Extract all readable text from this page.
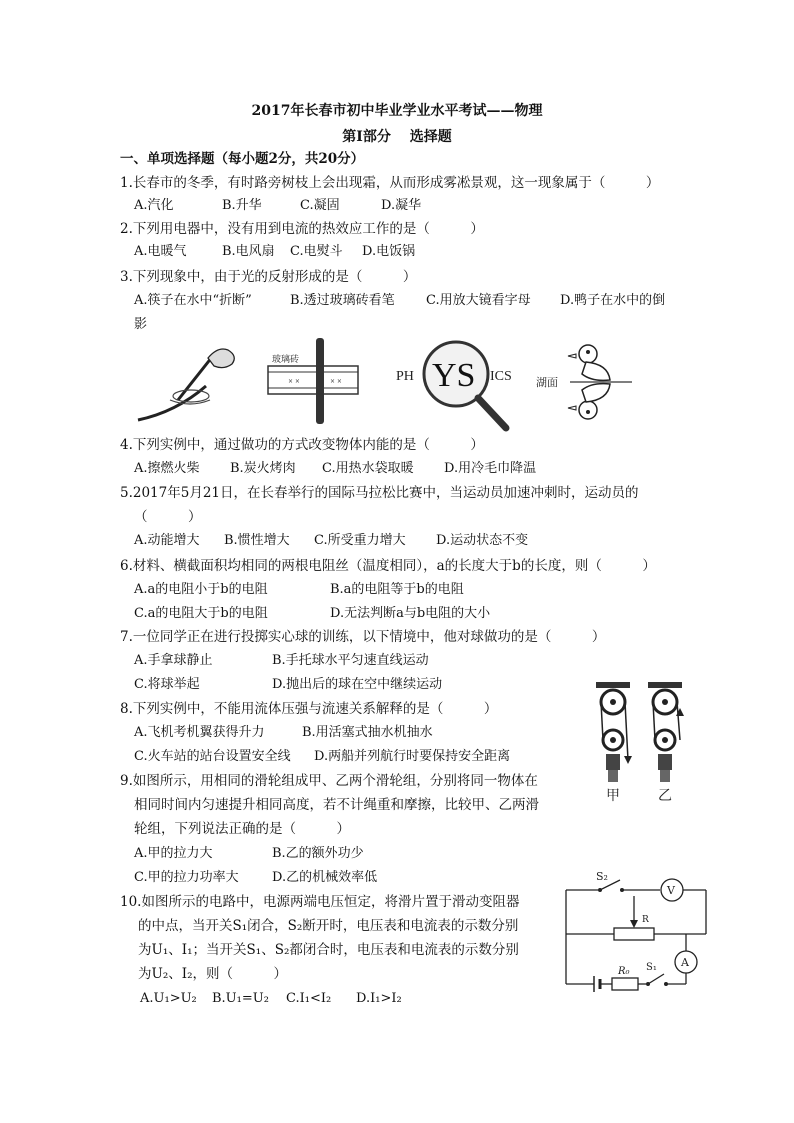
2017年长春市初中毕业学业水平考试——物理
第Ⅰ部分　 选择题
一、单项选择题（每小题2分，共20分）
1.长春市的冬季，有时路旁树枝上会出现霜，从而形成雾凇景观，这一现象属于（　　　）
A.汽化	B.升华	C.凝固	D.凝华
2.下列用电器中，没有用到电流的热效应工作的是（　　　）
A.电暖气	B.电风扇 C.电熨斗 D.电饭锅
3.下列现象中，由于光的反射形成的是（　　　）
A.筷子在水中“折断”	B.透过玻璃砖看笔 C.用放大镜看字母 D.鸭子在水中的倒
影
× ×	× ×
玻璃砖
PH YS ICS 湖面
4.下列实例中，通过做功的方式改变物体内能的是（　　　）
A.擦燃火柴 B.炭火烤肉 C.用热水袋取暖 D.用冷毛巾降温
5.2017年5月21日，在长春举行的国际马拉松比赛中，当运动员加速冲刺时，运动员的
（　　　）
A.动能增大 B.惯性增大 C.所受重力增大 D.运动状态不变
6.材料、横截面积均相同的两根电阻丝（温度相同），a的长度大于b的长度，则（　　　）
A.a的电阻小于b的电阻	B.a的电阻等于b的电阻
C.a的电阻大于b的电阻	D.无法判断a与b电阻的大小
7.一位同学正在进行投掷实心球的训练，以下情境中，他对球做功的是（　　　）
A.手拿球静止	B.手托球水平匀速直线运动
C.将球举起	D.抛出后的球在空中继续运动
甲	乙
8.下列实例中，不能用流体压强与流速关系解释的是（　　　）
A.飞机考机翼获得升力	B.用活塞式抽水机抽水
C.火车站的站台设置安全线 D.两船并列航行时要保持安全距离
9.如图所示，用相同的滑轮组成甲、乙两个滑轮组，分别将同一物体在
相同时间内匀速提升相同高度，若不计绳重和摩擦，比较甲、乙两滑
轮组，下列说法正确的是（　　　）
A.甲的拉力大	B.乙的额外功少
C.甲的拉力功率大	D.乙的机械效率低	S₂
V
R
A
R₀ S₁
10.如图所示的电路中，电源两端电压恒定，将滑片置于滑动变阻器
的中点，当开关S₁闭合，S₂断开时，电压表和电流表的示数分别
为U₁、I₁；当开关S₁、S₂都闭合时，电压表和电流表的示数分别
为U₂、I₂，则（　　　）
A.U₁>U₂ B.U₁=U₂ C.I₁<I₂ D.I₁>I₂
